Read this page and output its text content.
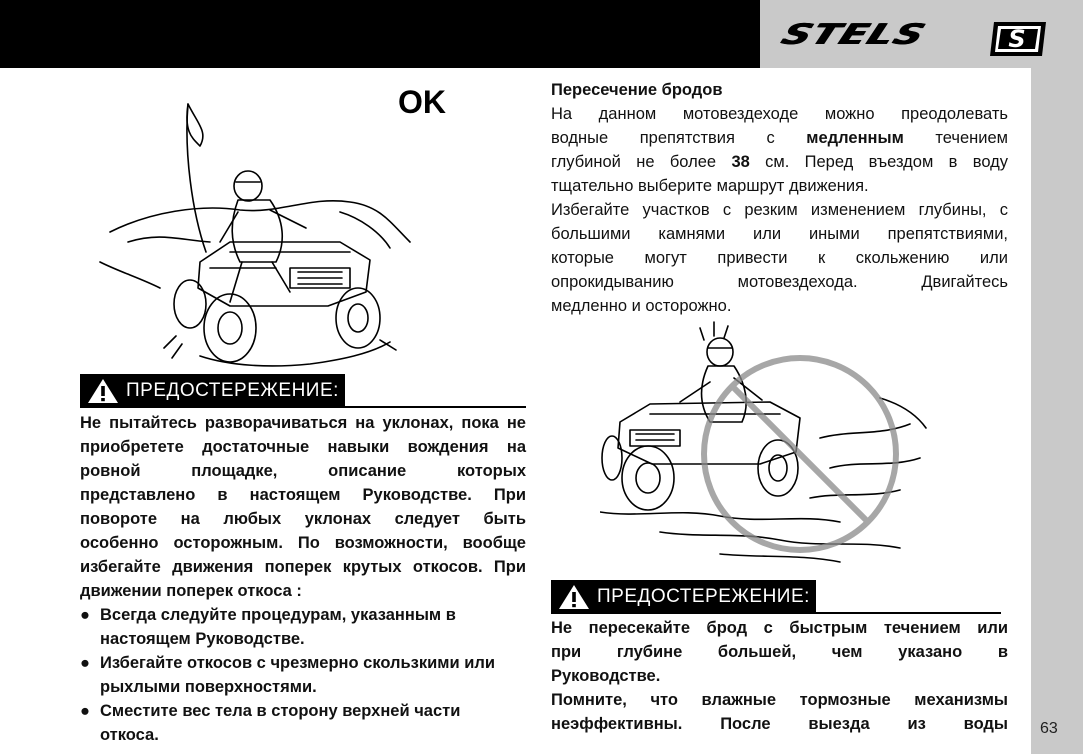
STELS	S
63
OK
ПРЕДОСТЕРЕЖЕНИЕ:
Не пытайтесь разворачиваться на уклонах, пока не
приобретете достаточные навыки вождения на
ровной площадке, описание которых
представлено в настоящем Руководстве. При
повороте на любых уклонах следует быть
особенно осторожным. По возможности, вообще
избегайте движения поперек крутых откосов. При
движении поперек откоса :
● Всегда следуйте процедурам, указанным в
настоящем Руководстве.
● Избегайте откосов с чрезмерно скользкими или
рыхлыми поверхностями.
● Сместите вес тела в сторону верхней части
откоса.
Пересечение бродов
На данном мотовездеходе можно преодолевать
водные препятствия с медленным течением
глубиной не более 38 см. Перед въездом в воду
тщательно выберите маршрут движения.
Избегайте участков с резким изменением глубины, с
большими камнями или иными препятствиями,
которые могут привести к скольжению или
опрокидыванию мотовездехода. Двигайтесь
медленно и осторожно.
ПРЕДОСТЕРЕЖЕНИЕ:
Не пересекайте брод с быстрым течением или
при глубине большей, чем указано в
Руководстве.
Помните, что влажные тормозные механизмы
неэффективны. После выезда из воды
